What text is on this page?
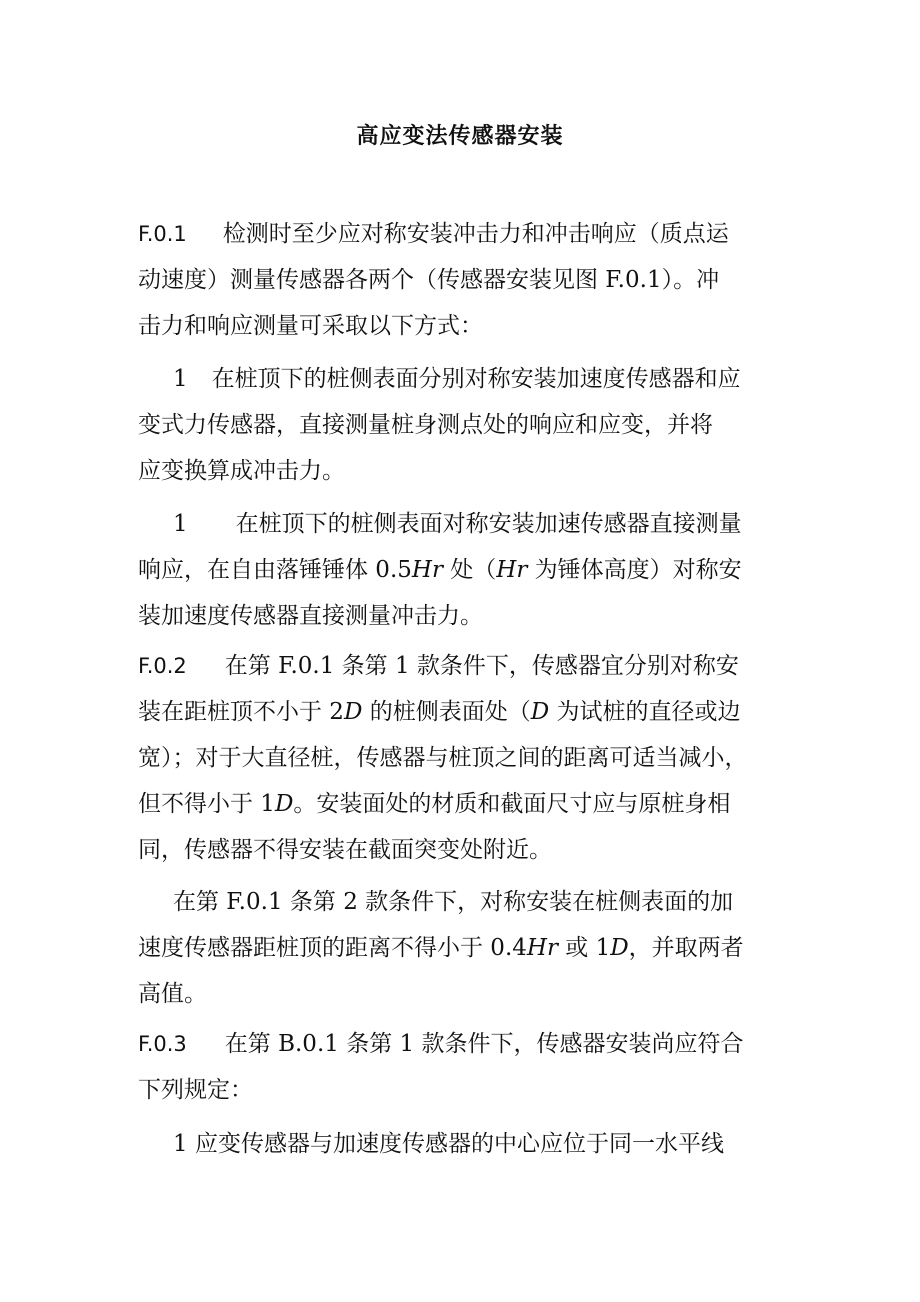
高应变法传感器安装
F.0.1 检测时至少应对称安装冲击力和冲击响应（质点运
动速度）测量传感器各两个（传感器安装见图 F.0.1）。冲
击力和响应测量可采取以下方式：
1 在桩顶下的桩侧表面分别对称安装加速度传感器和应
变式力传感器，直接测量桩身测点处的响应和应变，并将
应变换算成冲击力。
1 在桩顶下的桩侧表面对称安装加速传感器直接测量
响应，在自由落锤锤体 0.5Hr 处（Hr 为锤体高度）对称安
装加速度传感器直接测量冲击力。
F.0.2 在第 F.0.1 条第 1 款条件下，传感器宜分别对称安
装在距桩顶不小于 2D 的桩侧表面处（D 为试桩的直径或边
宽）；对于大直径桩，传感器与桩顶之间的距离可适当减小，
但不得小于 1D。安装面处的材质和截面尺寸应与原桩身相
同，传感器不得安装在截面突变处附近。
在第 F.0.1 条第 2 款条件下，对称安装在桩侧表面的加
速度传感器距桩顶的距离不得小于 0.4Hr 或 1D，并取两者
高值。
F.0.3 在第 B.0.1 条第 1 款条件下，传感器安装尚应符合
下列规定：
1 应变传感器与加速度传感器的中心应位于同一水平线
